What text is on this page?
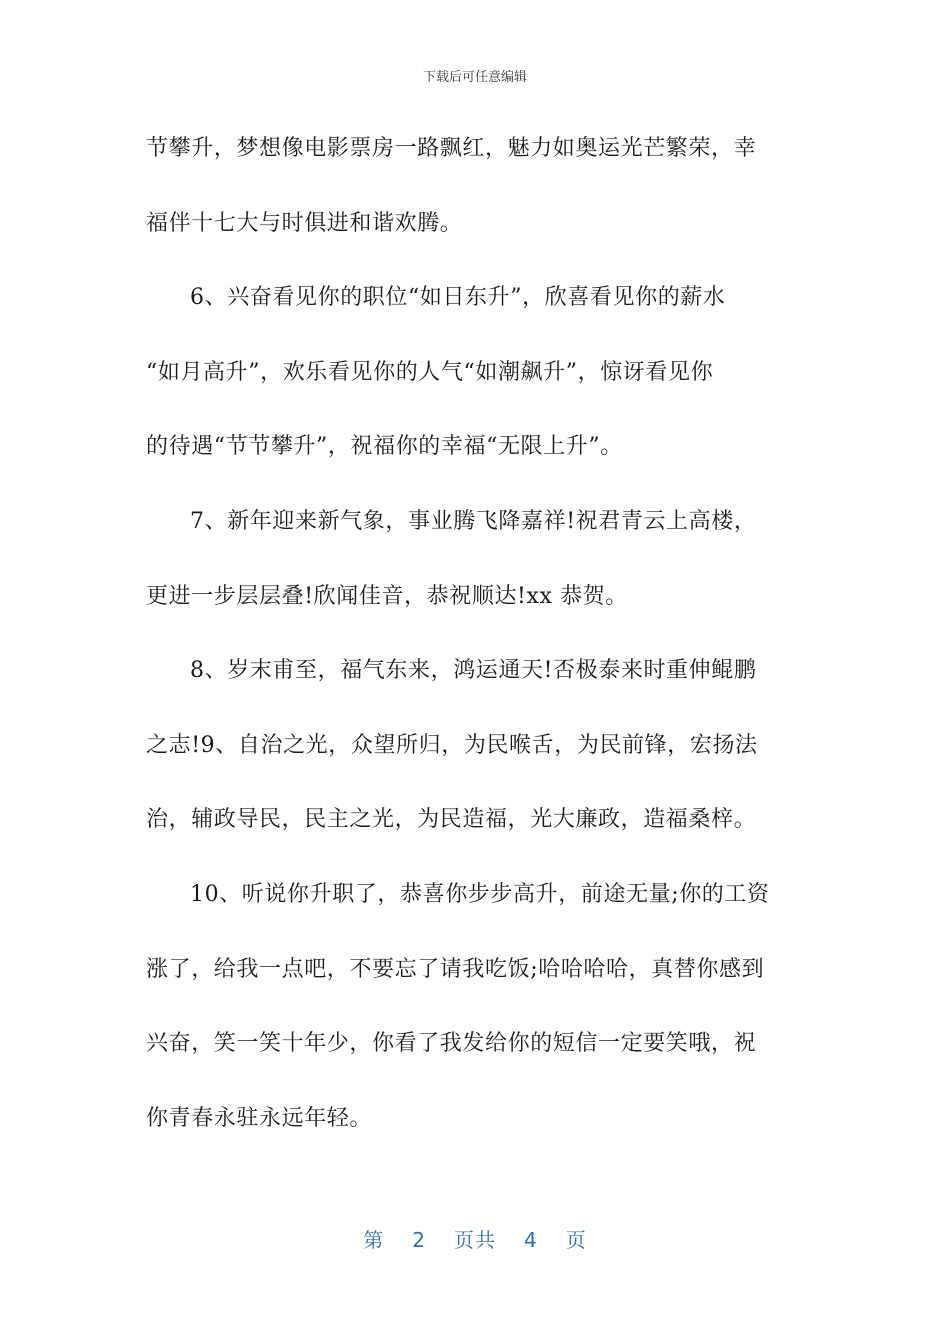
下载后可任意编辑
节攀升，梦想像电影票房一路飘红，魅力如奥运光芒繁荣，幸
福伴十七大与时俱进和谐欢腾。
6、兴奋看见你的职位“如日东升”，欣喜看见你的薪水
“如月高升”，欢乐看见你的人气“如潮飙升”，惊讶看见你
的待遇“节节攀升”，祝福你的幸福“无限上升”。
7、新年迎来新气象，事业腾飞降嘉祥!祝君青云上高楼，
更进一步层层叠!欣闻佳音，恭祝顺达!xx 恭贺。
8、岁末甫至，福气东来，鸿运通天!否极泰来时重伸鲲鹏
之志!9、自治之光，众望所归，为民喉舌，为民前锋，宏扬法
治，辅政导民，民主之光，为民造福，光大廉政，造福桑梓。
10、听说你升职了，恭喜你步步高升，前途无量;你的工资
涨了，给我一点吧，不要忘了请我吃饭;哈哈哈哈，真替你感到
兴奋，笑一笑十年少，你看了我发给你的短信一定要笑哦，祝
你青春永驻永远年轻。
第 2 页共 4 页
